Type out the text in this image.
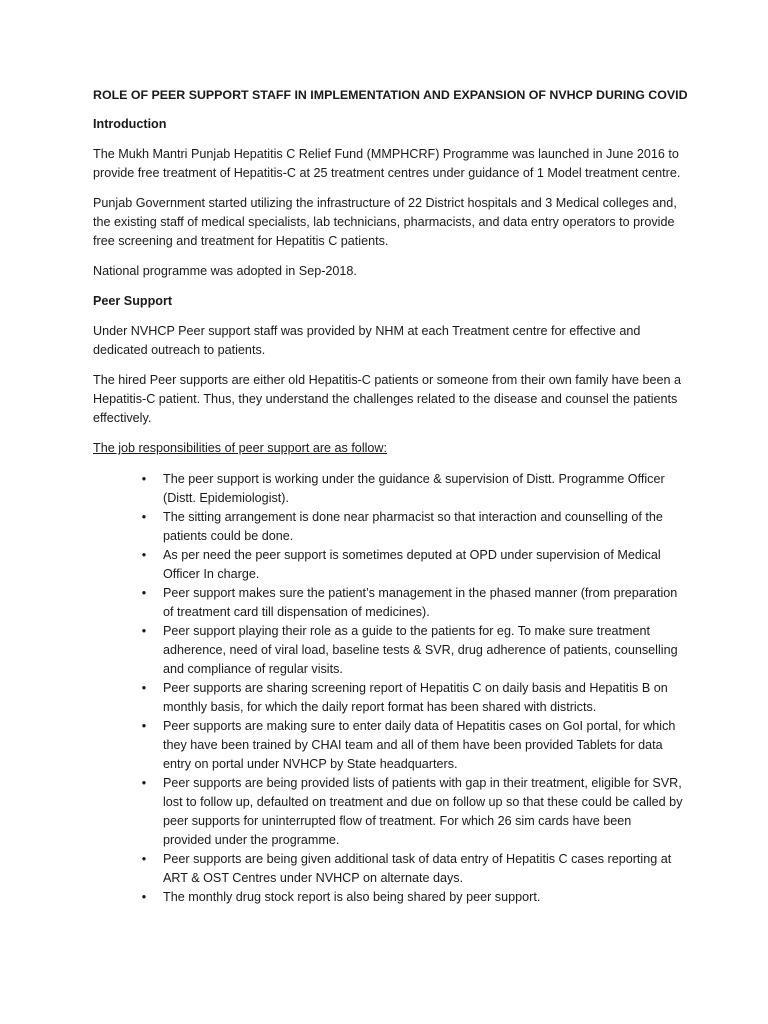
ROLE OF PEER SUPPORT STAFF IN IMPLEMENTATION AND EXPANSION OF NVHCP DURING COVID

Introduction

The Mukh Mantri Punjab Hepatitis C Relief Fund (MMPHCRF) Programme was launched in June 2016 to provide free treatment of Hepatitis-C at 25 treatment centres under guidance of 1 Model treatment centre.

Punjab Government started utilizing the infrastructure of 22 District hospitals and 3 Medical colleges and, the existing staff of medical specialists, lab technicians, pharmacists, and data entry operators to provide free screening and treatment for Hepatitis C patients.

National programme was adopted in Sep-2018.

Peer Support

Under NVHCP Peer support staff was provided by NHM at each Treatment centre for effective and dedicated outreach to patients.

The hired Peer supports are either old Hepatitis-C patients or someone from their own family have been a Hepatitis-C patient. Thus, they understand the challenges related to the disease and counsel the patients effectively.

The job responsibilities of peer support are as follow:

• The peer support is working under the guidance & supervision of Distt. Programme Officer (Distt. Epidemiologist).
• The sitting arrangement is done near pharmacist so that interaction and counselling of the patients could be done.
• As per need the peer support is sometimes deputed at OPD under supervision of Medical Officer In charge.
• Peer support makes sure the patient’s management in the phased manner (from preparation of treatment card till dispensation of medicines).
• Peer support playing their role as a guide to the patients for eg. To make sure treatment adherence, need of viral load, baseline tests & SVR, drug adherence of patients, counselling and compliance of regular visits.
• Peer supports are sharing screening report of Hepatitis C on daily basis and Hepatitis B on monthly basis, for which the daily report format has been shared with districts.
• Peer supports are making sure to enter daily data of Hepatitis cases on GoI portal, for which they have been trained by CHAI team and all of them have been provided Tablets for data entry on portal under NVHCP by State headquarters.
• Peer supports are being provided lists of patients with gap in their treatment, eligible for SVR, lost to follow up, defaulted on treatment and due on follow up so that these could be called by peer supports for uninterrupted flow of treatment. For which 26 sim cards have been provided under the programme.
• Peer supports are being given additional task of data entry of Hepatitis C cases reporting at ART & OST Centres under NVHCP on alternate days.
• The monthly drug stock report is also being shared by peer support.
